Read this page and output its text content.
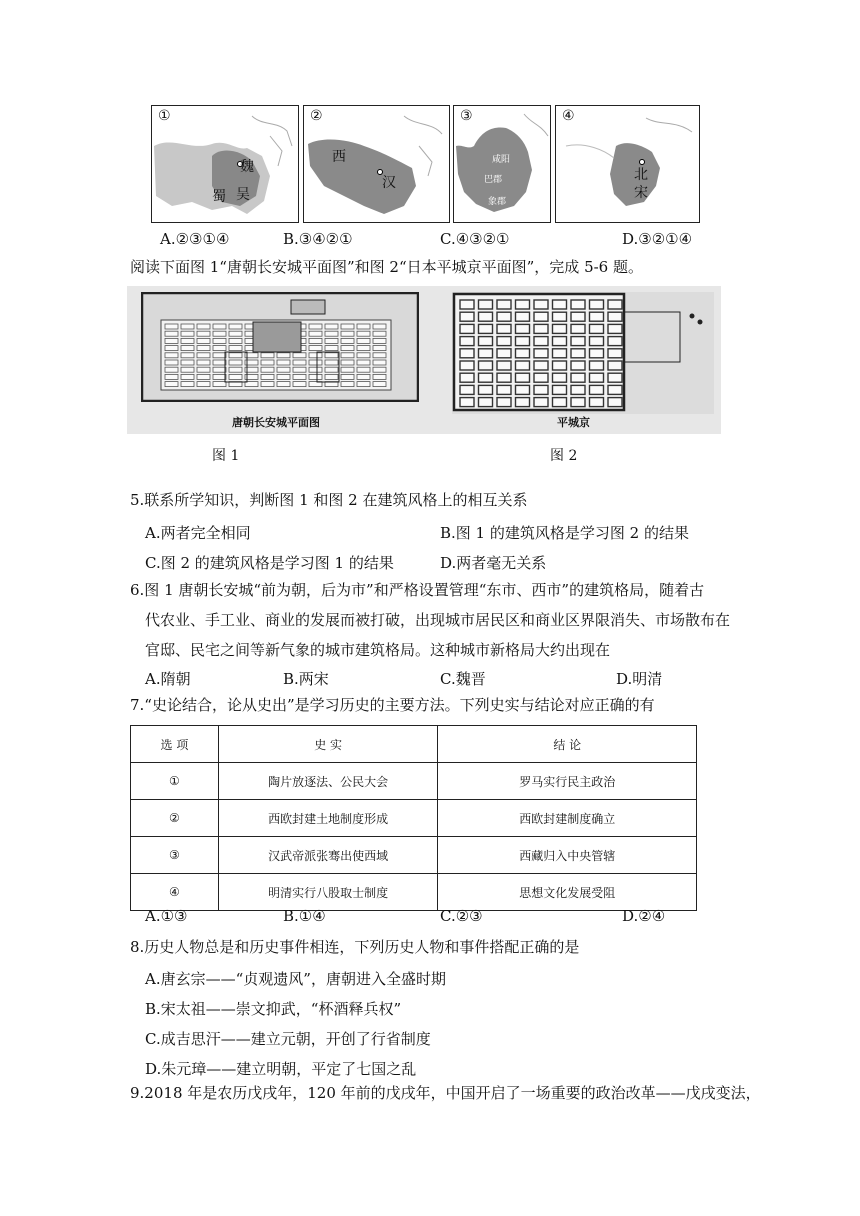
①
魏
蜀 吴
②
西
汉
③
咸阳
巴郡
象郡
④
北
宋
A.②③①④	B.③④②①	C.④③②①	D.③②①④
阅读下面图 1“唐朝长安城平面图”和图 2“日本平城京平面图”，完成 5-6 题。
唐朝长安城平面图	平城京
图 1	图 2
5.联系所学知识，判断图 1 和图 2 在建筑风格上的相互关系
A.两者完全相同	B.图 1 的建筑风格是学习图 2 的结果
C.图 2 的建筑风格是学习图 1 的结果	D.两者毫无关系
6.图 1 唐朝长安城“前为朝，后为市”和严格设置管理“东市、西市”的建筑格局，随着古
代农业、手工业、商业的发展而被打破，出现城市居民区和商业区界限消失、市场散布在
官邸、民宅之间等新气象的城市建筑格局。这种城市新格局大约出现在
A.隋朝	B.两宋	C.魏晋	D.明清
7.“史论结合，论从史出”是学习历史的主要方法。下列史实与结论对应正确的有
选 项	史 实	结 论
①	陶片放逐法、公民大会	罗马实行民主政治
②	西欧封建土地制度形成	西欧封建制度确立
③	汉武帝派张骞出使西域	西藏归入中央管辖
④	明清实行八股取士制度	思想文化发展受阻
A.①③	B.①④	C.②③	D.②④
8.历史人物总是和历史事件相连，下列历史人物和事件搭配正确的是
A.唐玄宗——“贞观遗风”，唐朝进入全盛时期
B.宋太祖——崇文抑武，“杯酒释兵权”
C.成吉思汗——建立元朝，开创了行省制度
D.朱元璋——建立明朝，平定了七国之乱
9.2018 年是农历戊戌年，120 年前的戊戌年，中国开启了一场重要的政治改革——戊戌变法，
